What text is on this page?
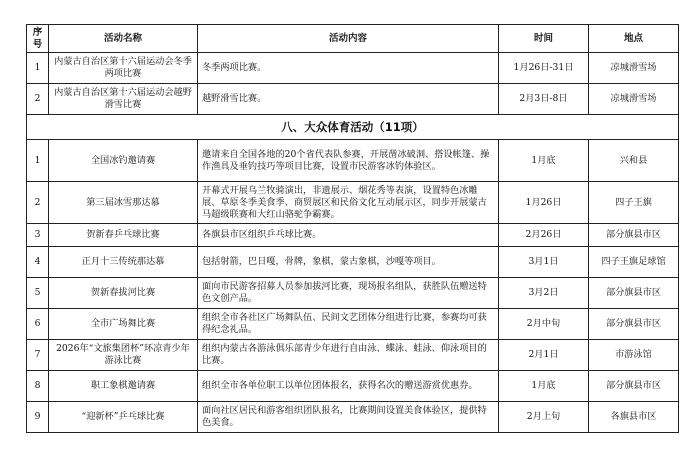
序号	活动名称	活动内容	时间	地点
1	内蒙古自治区第十六届运动会冬季两项比赛	冬季两项比赛。	1月26日-31日	凉城滑雪场
2	内蒙古自治区第十六届运动会越野滑雪比赛	越野滑雪比赛。	2月3日-8日	凉城滑雪场
八、大众体育活动（11项）				
1	全国冰钓邀请赛	邀请来自全国各地的20个省代表队参赛，开展凿冰破洞、搭设帐篷、操作渔具及垂钓技巧等项目比赛，设置市民游客冰钓体验区。	1月底	兴和县
2	第三届冰雪那达慕	开幕式开展乌兰牧骑演出，非遗展示、烟花秀等表演，设置特色冰雕展、草原冬季美食季、商贸展区和民俗文化互动展示区，同步开展蒙古马超级联赛和大红山骆驼争霸赛。	1月26日	四子王旗
3	贺新春乒乓球比赛	各旗县市区组织乒乓球比赛。	2月26日	部分旗县市区
4	正月十三传统那达慕	包括射箭，巴日嘎，骨牌，象棋，蒙古象棋，沙嘎等项目。	3月1日	四子王旗足球馆
5	贺新春拔河比赛	面向市民游客招募人员参加拔河比赛，现场报名组队，获胜队伍赠送特色文创产品。	3月2日	部分旗县市区
6	全市广场舞比赛	组织全市各社区广场舞队伍、民间文艺团体分组进行比赛，参赛均可获得纪念礼品。	2月中旬	部分旗县市区
7	2026年“文旅集团杯”环凉青少年游泳比赛	组织内蒙古各游泳俱乐部青少年进行自由泳、蝶泳、蛙泳、仰泳项目的比赛。	2月1日	市游泳馆
8	职工象棋邀请赛	组织全市各单位职工以单位团体报名，获得名次的赠送游赏优惠券。	1月底	部分旗县市区
9	“迎新杯”乒乓球比赛	面向社区居民和游客组织团队报名，比赛期间设置美食体验区，提供特色美食。	2月上旬	各旗县市区
